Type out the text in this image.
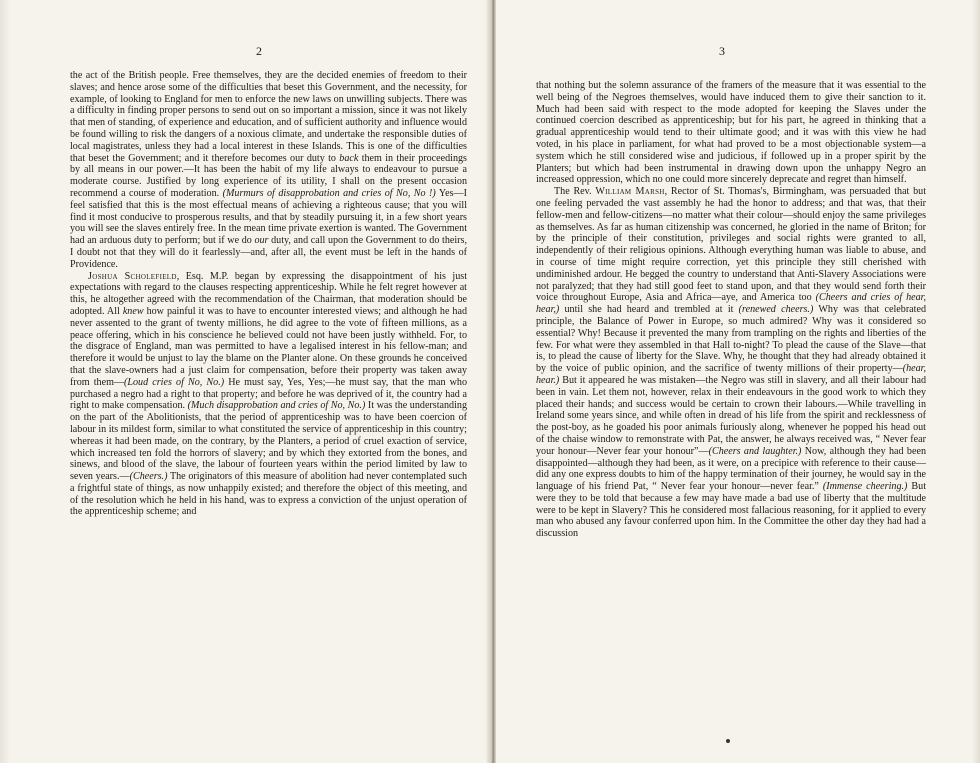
2

the act of the British people. Free themselves, they are the decided enemies of freedom to their slaves; and hence arose some of the difficulties that beset this Government, and the necessity, for example, of looking to England for men to enforce the new laws on unwilling subjects. There was a difficulty in finding proper persons to send out on so important a mission, since it was not likely that men of standing, of experience and education, and of sufficient authority and influence would be found willing to risk the dangers of a noxious climate, and undertake the responsible duties of local magistrates, unless they had a local interest in these Islands. This is one of the difficulties that beset the Government; and it therefore becomes our duty to back them in their proceedings by all means in our power.—It has been the habit of my life always to endeavour to pursue a moderate course. Justified by long experience of its utility, I shall on the present occasion recommend a course of moderation. (Murmurs of disapprobation and cries of No, No !) Yes—I feel satisfied that this is the most effectual means of achieving a righteous cause; that you will find it most conducive to prosperous results, and that by steadily pursuing it, in a few short years you will see the slaves entirely free. In the mean time private exertion is wanted. The Government had an arduous duty to perform; but if we do our duty, and call upon the Government to do theirs, I doubt not that they will do it fearlessly—and, after all, the event must be left in the hands of Providence.

Joshua Scholefield, Esq. M.P. began by expressing the disappointment of his just expectations with regard to the clauses respecting apprenticeship. While he felt regret however at this, he altogether agreed with the recommendation of the Chairman, that moderation should be adopted. All knew how painful it was to have to encounter interested views; and although he had never assented to the grant of twenty millions, he did agree to the vote of fifteen millions, as a peace offering, which in his conscience he believed could not have been justly withheld. For, to the disgrace of England, man was permitted to have a legalised interest in his fellow-man; and therefore it would be unjust to lay the blame on the Planter alone. On these grounds he conceived that the slave-owners had a just claim for compensation, before their property was taken away from them—(Loud cries of No, No.) He must say, Yes, Yes;—he must say, that the man who purchased a negro had a right to that property; and before he was deprived of it, the country had a right to make compensation. (Much disapprobation and cries of No, No.) It was the understanding on the part of the Abolitionists, that the period of apprenticeship was to have been coercion of labour in its mildest form, similar to what constituted the service of apprenticeship in this country; whereas it had been made, on the contrary, by the Planters, a period of cruel exaction of service, which increased ten fold the horrors of slavery; and by which they extorted from the bones, and sinews, and blood of the slave, the labour of fourteen years within the period limited by law to seven years.—(Cheers.) The originators of this measure of abolition had never contemplated such a frightful state of things, as now unhappily existed; and therefore the object of this meeting, and of the resolution which he held in his hand, was to express a conviction of the unjust operation of the apprenticeship scheme; and

3

that nothing but the solemn assurance of the framers of the measure that it was essential to the well being of the Negroes themselves, would have induced them to give their sanction to it. Much had been said with respect to the mode adopted for keeping the Slaves under the continued coercion described as apprenticeship; but for his part, he agreed in thinking that a gradual apprenticeship would tend to their ultimate good; and it was with this view he had voted, in his place in parliament, for what had proved to be a most objectionable system—a system which he still considered wise and judicious, if followed up in a proper spirit by the Planters; but which had been instrumental in drawing down upon the unhappy Negro an increased oppression, which no one could more sincerely deprecate and regret than himself.

The Rev. William Marsh, Rector of St. Thomas's, Birmingham, was persuaded that but one feeling pervaded the vast assembly he had the honor to address; and that was, that their fellow-men and fellow-citizens—no matter what their colour—should enjoy the same privileges as themselves. As far as human citizenship was concerned, he gloried in the name of Briton; for by the principle of their constitution, privileges and social rights were granted to all, independently of their religious opinions. Although everything human was liable to abuse, and in course of time might require correction, yet this principle they still cherished with undiminished ardour. He begged the country to understand that Anti-Slavery Associations were not paralyzed; that they had still good feet to stand upon, and that they would send forth their voice throughout Europe, Asia and Africa—aye, and America too (Cheers and cries of hear, hear,) until she had heard and trembled at it (renewed cheers.) Why was that celebrated principle, the Balance of Power in Europe, so much admired? Why was it considered so essential? Why! Because it prevented the many from trampling on the rights and liberties of the few. For what were they assembled in that Hall to-night? To plead the cause of the Slave—that is, to plead the cause of liberty for the Slave. Why, he thought that they had already obtained it by the voice of public opinion, and the sacrifice of twenty millions of their property—(hear, hear.) But it appeared he was mistaken—the Negro was still in slavery, and all their labour had been in vain. Let them not, however, relax in their endeavours in the good work to which they placed their hands; and success would be certain to crown their labours.—While travelling in Ireland some years since, and while often in dread of his life from the spirit and recklessness of the post-boy, as he goaded his poor animals furiously along, whenever he popped his head out of the chaise window to remonstrate with Pat, the answer, he always received was, “ Never fear your honour—Never fear your honour”—(Cheers and laughter.) Now, although they had been disappointed—although they had been, as it were, on a precipice with reference to their cause—did any one express doubts to him of the happy termination of their journey, he would say in the language of his friend Pat, “ Never fear your honour—never fear.” (Immense cheering.) But were they to be told that because a few may have made a bad use of liberty that the multitude were to be kept in Slavery? This he considered most fallacious reasoning, for it applied to every man who abused any favour conferred upon him. In the Committee the other day they had had a discussion
